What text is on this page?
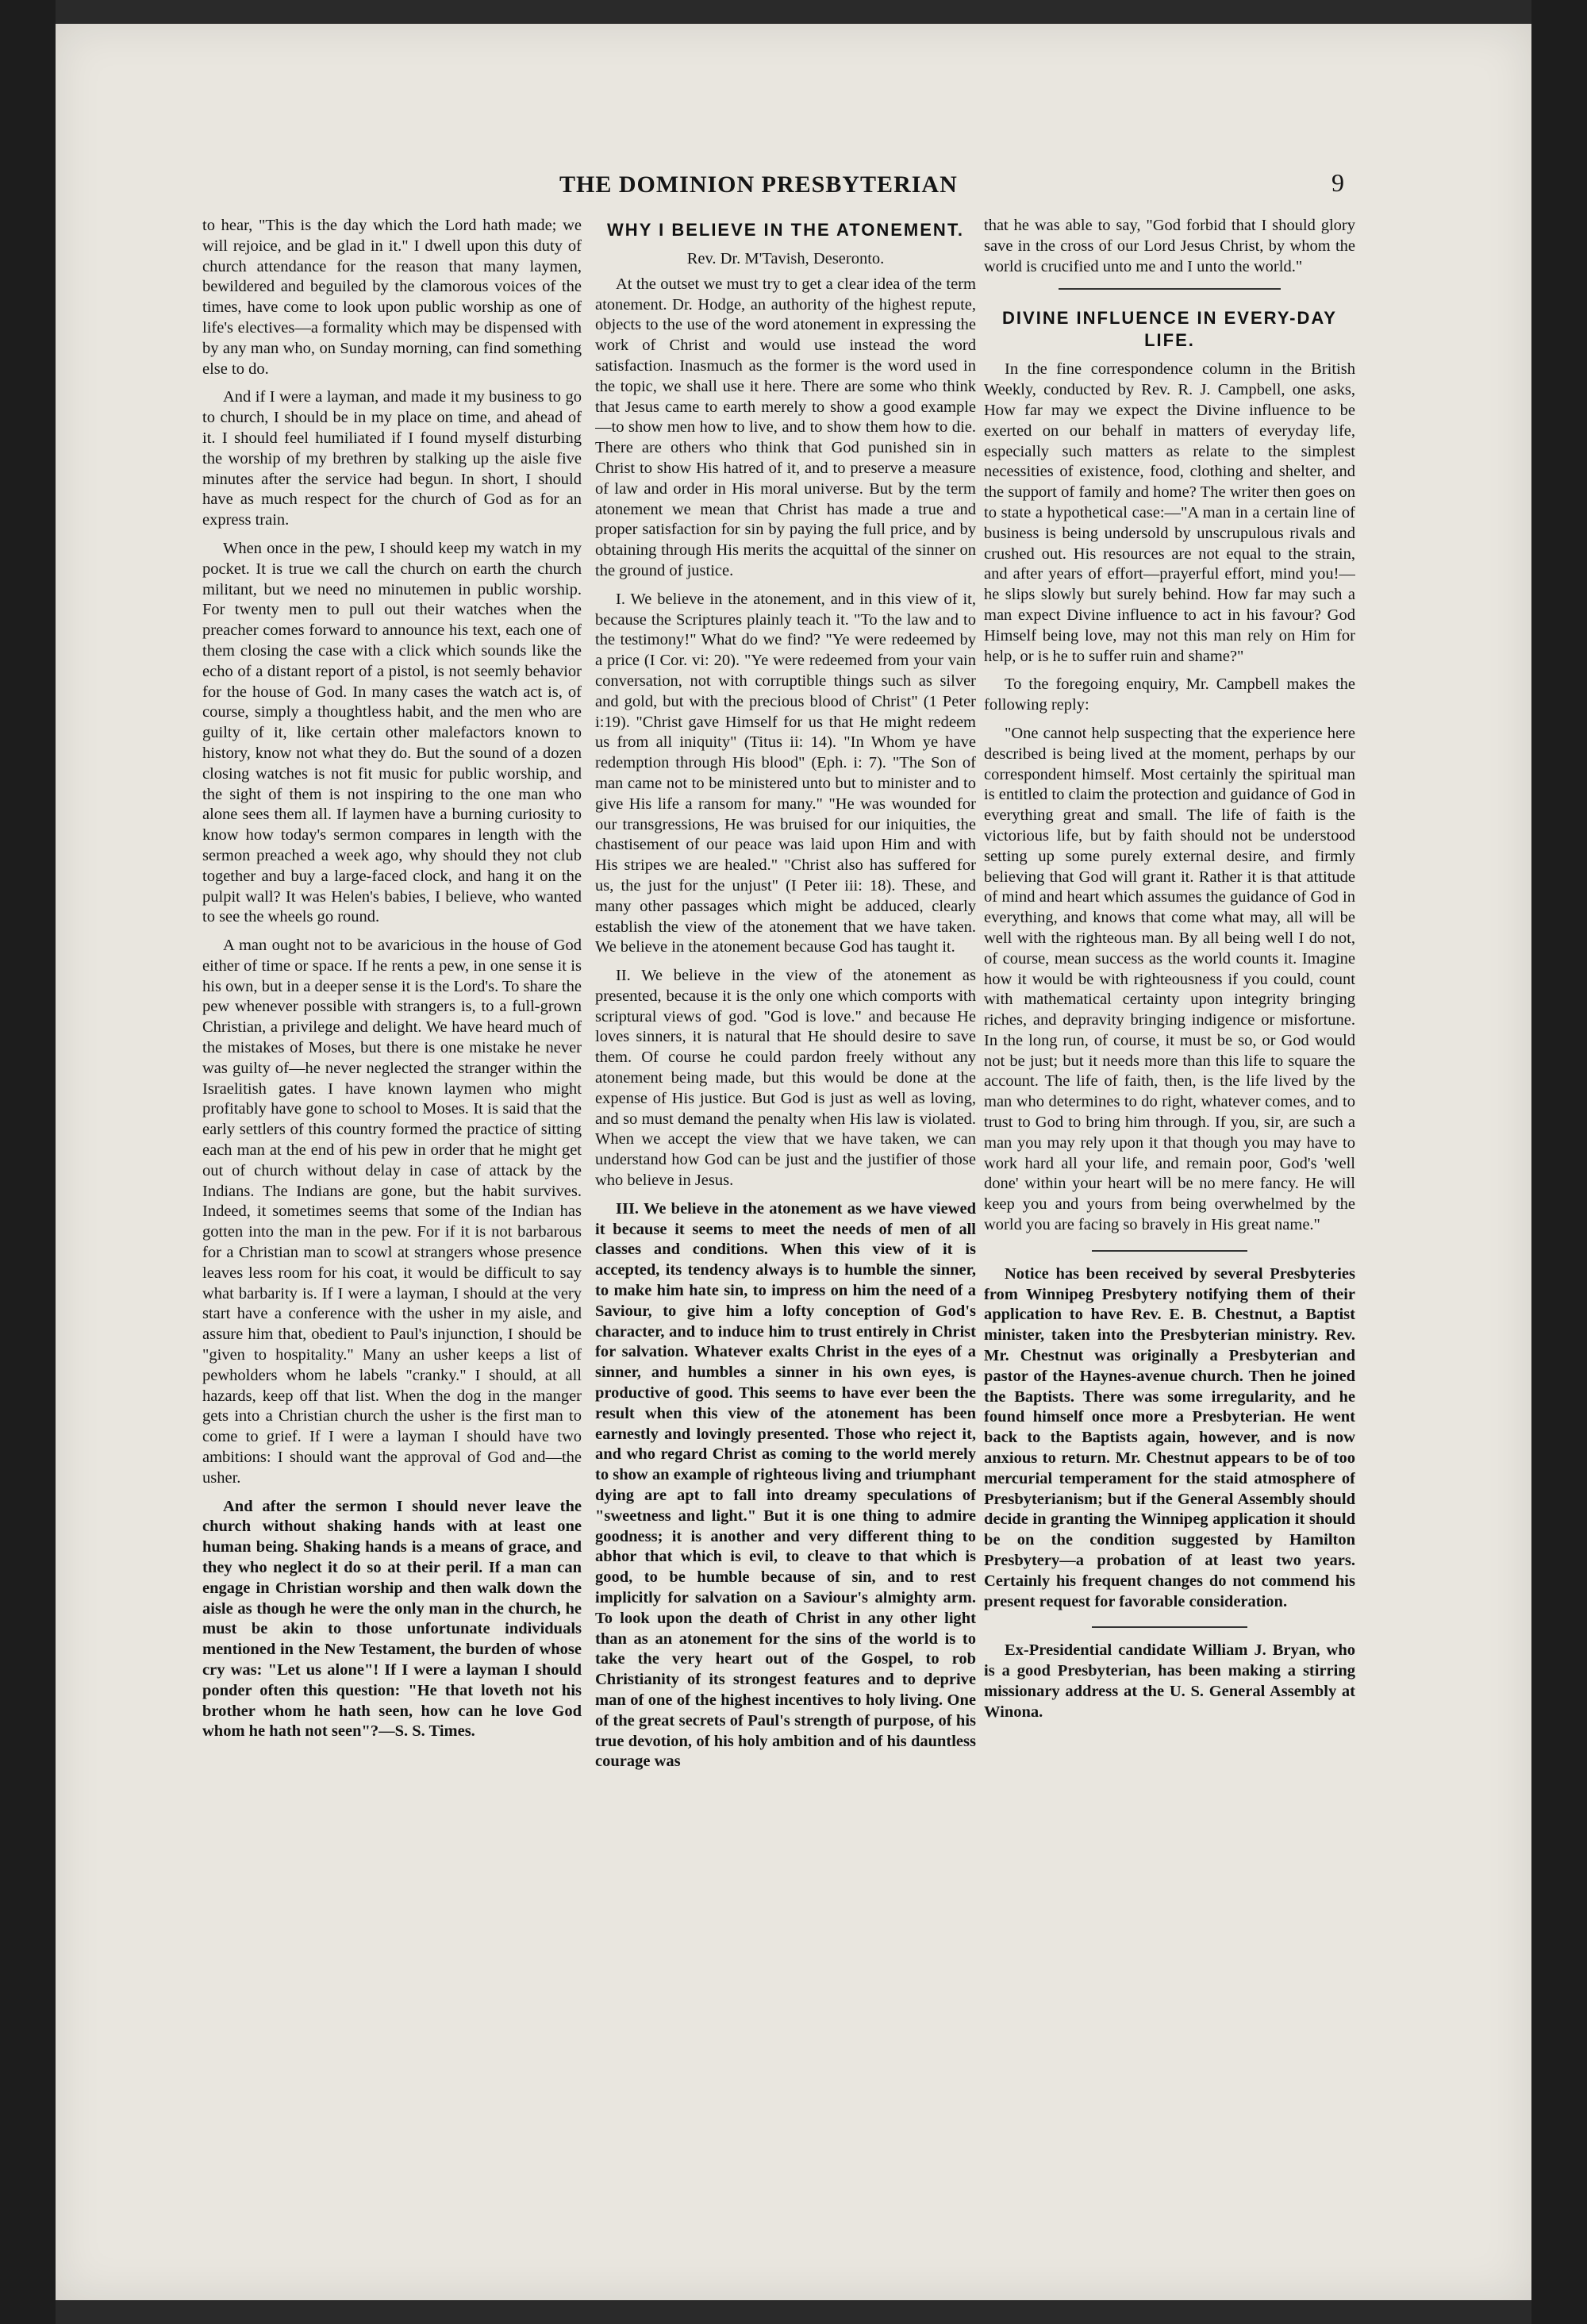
THE DOMINION PRESBYTERIAN	9

to hear, "This is the day which the Lord hath made; we will rejoice, and be glad in it." I dwell upon this duty of church attendance for the reason that many laymen, bewildered and beguiled by the clamorous voices of the times, have come to look upon public worship as one of life's electives—a formality which may be dispensed with by any man who, on Sunday morning, can find something else to do.

And if I were a layman, and made it my business to go to church, I should be in my place on time, and ahead of it. I should feel humiliated if I found myself disturbing the worship of my brethren by stalking up the aisle five minutes after the service had begun. In short, I should have as much respect for the church of God as for an express train.

When once in the pew, I should keep my watch in my pocket. It is true we call the church on earth the church militant, but we need no minutemen in public worship. For twenty men to pull out their watches when the preacher comes forward to announce his text, each one of them closing the case with a click which sounds like the echo of a distant report of a pistol, is not seemly behavior for the house of God. In many cases the watch act is, of course, simply a thoughtless habit, and the men who are guilty of it, like certain other malefactors known to history, know not what they do. But the sound of a dozen closing watches is not fit music for public worship, and the sight of them is not inspiring to the one man who alone sees them all. If laymen have a burning curiosity to know how today's sermon compares in length with the sermon preached a week ago, why should they not club together and buy a large-faced clock, and hang it on the pulpit wall? It was Helen's babies, I believe, who wanted to see the wheels go round.

A man ought not to be avaricious in the house of God either of time or space. If he rents a pew, in one sense it is his own, but in a deeper sense it is the Lord's. To share the pew whenever possible with strangers is, to a full-grown Christian, a privilege and delight. We have heard much of the mistakes of Moses, but there is one mistake he never was guilty of—he never neglected the stranger within the Israelitish gates. I have known laymen who might profitably have gone to school to Moses. It is said that the early settlers of this country formed the practice of sitting each man at the end of his pew in order that he might get out of church without delay in case of attack by the Indians. The Indians are gone, but the habit survives. Indeed, it sometimes seems that some of the Indian has gotten into the man in the pew. For if it is not barbarous for a Christian man to scowl at strangers whose presence leaves less room for his coat, it would be difficult to say what barbarity is. If I were a layman, I should at the very start have a conference with the usher in my aisle, and assure him that, obedient to Paul's injunction, I should be "given to hospitality." Many an usher keeps a list of pewholders whom he labels "cranky." I should, at all hazards, keep off that list. When the dog in the manger gets into a Christian church the usher is the first man to come to grief. If I were a layman I should have two ambitions: I should want the approval of God and—the usher.

And after the sermon I should never leave the church without shaking hands with at least one human being. Shaking hands is a means of grace, and they who neglect it do so at their peril. If a man can engage in Christian worship and then walk down the aisle as though he were the only man in the church, he must be akin to those unfortunate individuals mentioned in the New Testament, the burden of whose cry was: "Let us alone"! If I were a layman I should ponder often this question: "He that loveth not his brother whom he hath seen, how can he love God whom he hath not seen"?—S. S. Times.

WHY I BELIEVE IN THE ATONEMENT.
Rev. Dr. M'Tavish, Deseronto.

At the outset we must try to get a clear idea of the term atonement. Dr. Hodge, an authority of the highest repute, objects to the use of the word atonement in expressing the work of Christ and would use instead the word satisfaction. Inasmuch as the former is the word used in the topic, we shall use it here. There are some who think that Jesus came to earth merely to show a good example—to show men how to live, and to show them how to die. There are others who think that God punished sin in Christ to show His hatred of it, and to preserve a measure of law and order in His moral universe. But by the term atonement we mean that Christ has made a true and proper satisfaction for sin by paying the full price, and by obtaining through His merits the acquittal of the sinner on the ground of justice.

I. We believe in the atonement, and in this view of it, because the Scriptures plainly teach it. "To the law and to the testimony!" What do we find? "Ye were redeemed by a price (I Cor. vi: 20). "Ye were redeemed from your vain conversation, not with corruptible things such as silver and gold, but with the precious blood of Christ" (1 Peter i:19). "Christ gave Himself for us that He might redeem us from all iniquity" (Titus ii: 14). "In Whom ye have redemption through His blood" (Eph. i: 7). "The Son of man came not to be ministered unto but to minister and to give His life a ransom for many." "He was wounded for our transgressions, He was bruised for our iniquities, the chastisement of our peace was laid upon Him and with His stripes we are healed." "Christ also has suffered for us, the just for the unjust" (I Peter iii: 18). These, and many other passages which might be adduced, clearly establish the view of the atonement that we have taken. We believe in the atonement because God has taught it.

II. We believe in the view of the atonement as presented, because it is the only one which comports with scriptural views of god. "God is love." and because He loves sinners, it is natural that He should desire to save them. Of course he could pardon freely without any atonement being made, but this would be done at the expense of His justice. But God is just as well as loving, and so must demand the penalty when His law is violated. When we accept the view that we have taken, we can understand how God can be just and the justifier of those who believe in Jesus.

III. We believe in the atonement as we have viewed it because it seems to meet the needs of men of all classes and conditions. When this view of it is accepted, its tendency always is to humble the sinner, to make him hate sin, to impress on him the need of a Saviour, to give him a lofty conception of God's character, and to induce him to trust entirely in Christ for salvation. Whatever exalts Christ in the eyes of a sinner, and humbles a sinner in his own eyes, is productive of good. This seems to have ever been the result when this view of the atonement has been earnestly and lovingly presented. Those who reject it, and who regard Christ as coming to the world merely to show an example of righteous living and triumphant dying are apt to fall into dreamy speculations of "sweetness and light." But it is one thing to admire goodness; it is another and very different thing to abhor that which is evil, to cleave to that which is good, to be humble because of sin, and to rest implicitly for salvation on a Saviour's almighty arm. To look upon the death of Christ in any other light than as an atonement for the sins of the world is to take the very heart out of the Gospel, to rob Christianity of its strongest features and to deprive man of one of the highest incentives to holy living. One of the great secrets of Paul's strength of purpose, of his true devotion, of his holy ambition and of his dauntless courage was

that he was able to say, "God forbid that I should glory save in the cross of our Lord Jesus Christ, by whom the world is crucified unto me and I unto the world."

DIVINE INFLUENCE IN EVERY-DAY LIFE.

In the fine correspondence column in the British Weekly, conducted by Rev. R. J. Campbell, one asks, How far may we expect the Divine influence to be exerted on our behalf in matters of everyday life, especially such matters as relate to the simplest necessities of existence, food, clothing and shelter, and the support of family and home? The writer then goes on to state a hypothetical case:—"A man in a certain line of business is being undersold by unscrupulous rivals and crushed out. His resources are not equal to the strain, and after years of effort—prayerful effort, mind you!—he slips slowly but surely behind. How far may such a man expect Divine influence to act in his favour? God Himself being love, may not this man rely on Him for help, or is he to suffer ruin and shame?"

To the foregoing enquiry, Mr. Campbell makes the following reply:

"One cannot help suspecting that the experience here described is being lived at the moment, perhaps by our correspondent himself. Most certainly the spiritual man is entitled to claim the protection and guidance of God in everything great and small. The life of faith is the victorious life, but by faith should not be understood setting up some purely external desire, and firmly believing that God will grant it. Rather it is that attitude of mind and heart which assumes the guidance of God in everything, and knows that come what may, all will be well with the righteous man. By all being well I do not, of course, mean success as the world counts it. Imagine how it would be with righteousness if you could, count with mathematical certainty upon integrity bringing riches, and depravity bringing indigence or misfortune. In the long run, of course, it must be so, or God would not be just; but it needs more than this life to square the account. The life of faith, then, is the life lived by the man who determines to do right, whatever comes, and to trust to God to bring him through. If you, sir, are such a man you may rely upon it that though you may have to work hard all your life, and remain poor, God's 'well done' within your heart will be no mere fancy. He will keep you and yours from being overwhelmed by the world you are facing so bravely in His great name."

Notice has been received by several Presbyteries from Winnipeg Presbytery notifying them of their application to have Rev. E. B. Chestnut, a Baptist minister, taken into the Presbyterian ministry. Rev. Mr. Chestnut was originally a Presbyterian and pastor of the Haynes-avenue church. Then he joined the Baptists. There was some irregularity, and he found himself once more a Presbyterian. He went back to the Baptists again, however, and is now anxious to return. Mr. Chestnut appears to be of too mercurial temperament for the staid atmosphere of Presbyterianism; but if the General Assembly should decide in granting the Winnipeg application it should be on the condition suggested by Hamilton Presbytery—a probation of at least two years. Certainly his frequent changes do not commend his present request for favorable consideration.

Ex-Presidential candidate William J. Bryan, who is a good Presbyterian, has been making a stirring missionary address at the U. S. General Assembly at Winona.
